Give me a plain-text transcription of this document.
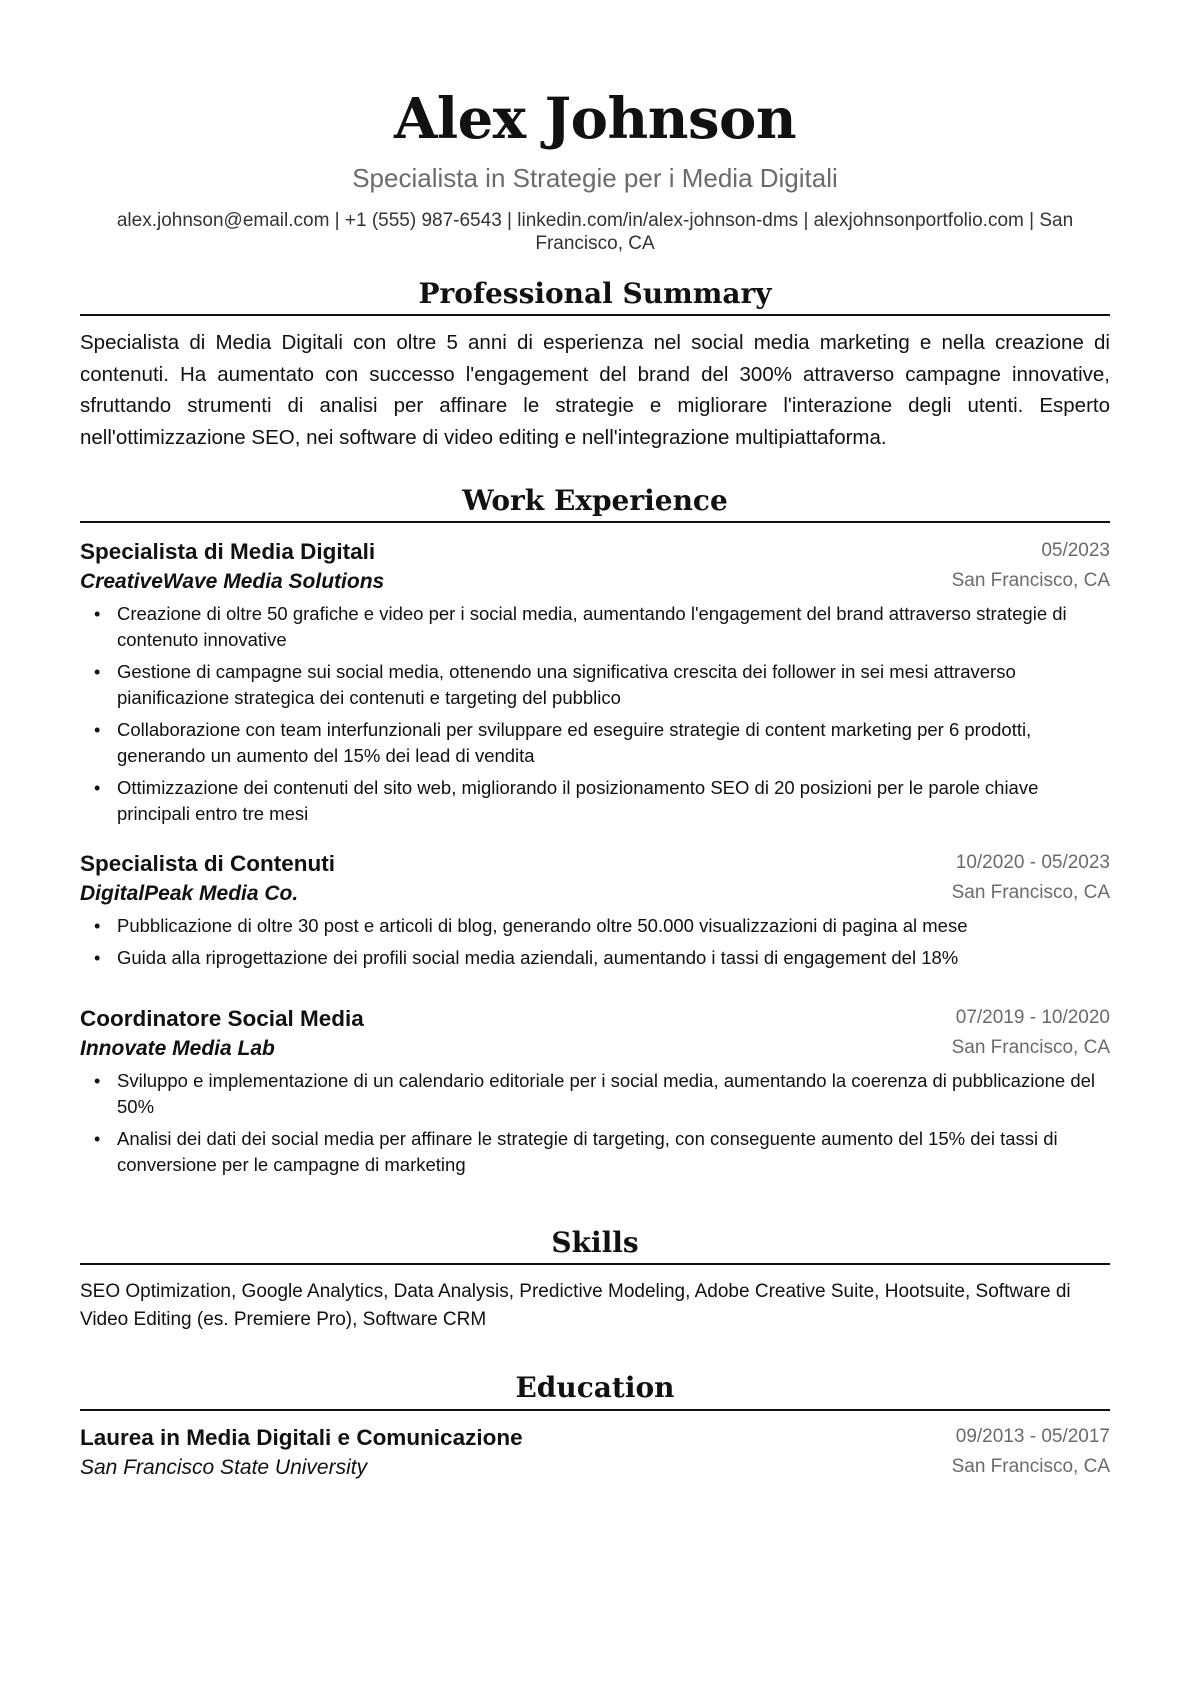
Alex Johnson
Specialista in Strategie per i Media Digitali
alex.johnson@email.com | +1 (555) 987-6543 | linkedin.com/in/alex-johnson-dms | alexjohnsonportfolio.com | San Francisco, CA
Professional Summary
Specialista di Media Digitali con oltre 5 anni di esperienza nel social media marketing e nella creazione di contenuti. Ha aumentato con successo l'engagement del brand del 300% attraverso campagne innovative, sfruttando strumenti di analisi per affinare le strategie e migliorare l'interazione degli utenti. Esperto nell'ottimizzazione SEO, nei software di video editing e nell'integrazione multipiattaforma.
Work Experience
Specialista di Media Digitali	05/2023
CreativeWave Media Solutions	San Francisco, CA
• Creazione di oltre 50 grafiche e video per i social media, aumentando l'engagement del brand attraverso strategie di contenuto innovative
• Gestione di campagne sui social media, ottenendo una significativa crescita dei follower in sei mesi attraverso pianificazione strategica dei contenuti e targeting del pubblico
• Collaborazione con team interfunzionali per sviluppare ed eseguire strategie di content marketing per 6 prodotti, generando un aumento del 15% dei lead di vendita
• Ottimizzazione dei contenuti del sito web, migliorando il posizionamento SEO di 20 posizioni per le parole chiave principali entro tre mesi
Specialista di Contenuti	10/2020 - 05/2023
DigitalPeak Media Co.	San Francisco, CA
• Pubblicazione di oltre 30 post e articoli di blog, generando oltre 50.000 visualizzazioni di pagina al mese
• Guida alla riprogettazione dei profili social media aziendali, aumentando i tassi di engagement del 18%
Coordinatore Social Media	07/2019 - 10/2020
Innovate Media Lab	San Francisco, CA
• Sviluppo e implementazione di un calendario editoriale per i social media, aumentando la coerenza di pubblicazione del 50%
• Analisi dei dati dei social media per affinare le strategie di targeting, con conseguente aumento del 15% dei tassi di conversione per le campagne di marketing
Skills
SEO Optimization, Google Analytics, Data Analysis, Predictive Modeling, Adobe Creative Suite, Hootsuite, Software di Video Editing (es. Premiere Pro), Software CRM
Education
Laurea in Media Digitali e Comunicazione	09/2013 - 05/2017
San Francisco State University	San Francisco, CA
